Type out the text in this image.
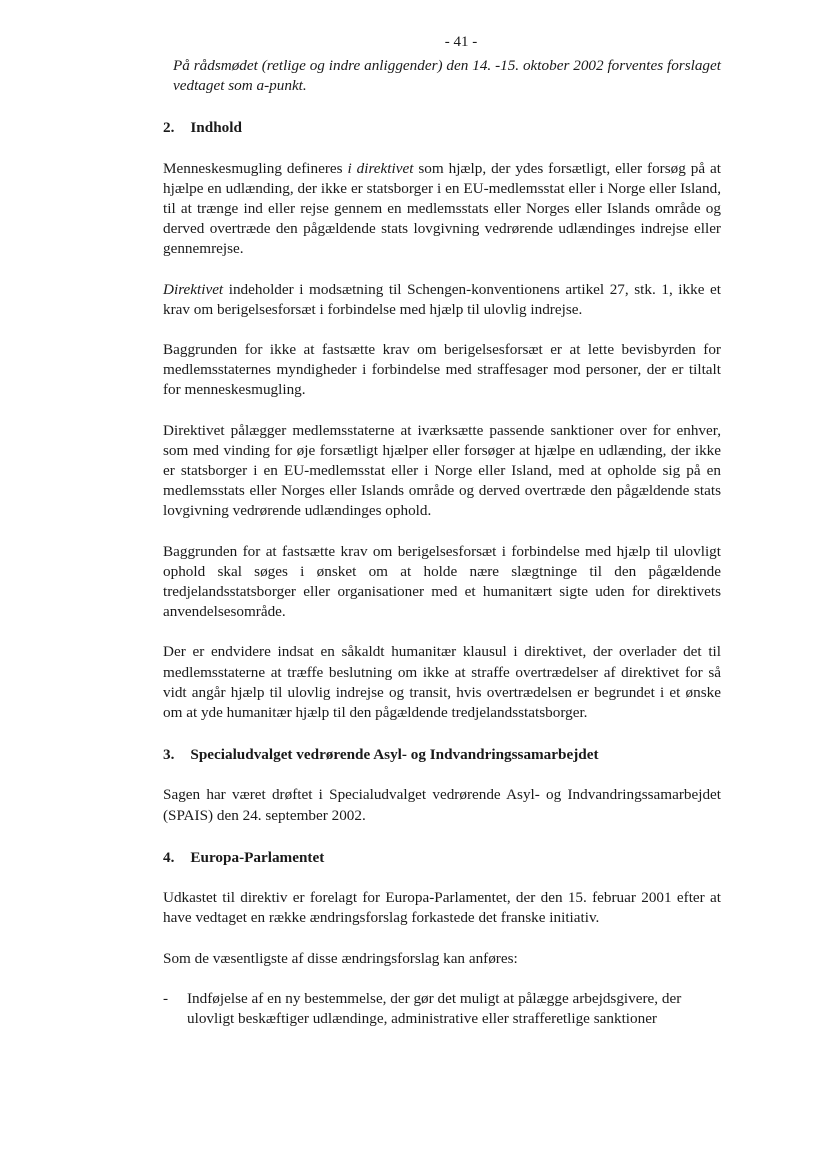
- 41 -

På rådsmødet (retlige og indre anliggender) den 14. -15. oktober 2002 forventes forslaget vedtaget som a-punkt.

2. Indhold

Menneskesmugling defineres i direktivet som hjælp, der ydes forsætligt, eller forsøg på at hjælpe en udlænding, der ikke er statsborger i en EU-medlemsstat eller i Norge eller Island, til at trænge ind eller rejse gennem en medlemsstats eller Norges eller Islands område og derved overtræde den pågældende stats lovgivning vedrørende udlændinges indrejse eller gennemrejse.

Direktivet indeholder i modsætning til Schengen-konventionens artikel 27, stk. 1, ikke et krav om berigelsesforsæt i forbindelse med hjælp til ulovlig indrejse.

Baggrunden for ikke at fastsætte krav om berigelsesforsæt er at lette bevisbyrden for medlemsstaternes myndigheder i forbindelse med straffesager mod personer, der er tiltalt for menneskesmugling.

Direktivet pålægger medlemsstaterne at iværksætte passende sanktioner over for enhver, som med vinding for øje forsætligt hjælper eller forsøger at hjælpe en udlænding, der ikke er statsborger i en EU-medlemsstat eller i Norge eller Island, med at opholde sig på en medlemsstats eller Norges eller Islands område og derved overtræde den pågældende stats lovgivning vedrørende udlændinges ophold.

Baggrunden for at fastsætte krav om berigelsesforsæt i forbindelse med hjælp til ulovligt ophold skal søges i ønsket om at holde nære slægtninge til den pågældende tredjelandsstatsborger eller organisationer med et humanitært sigte uden for direktivets anvendelsesområde.

Der er endvidere indsat en såkaldt humanitær klausul i direktivet, der overlader det til medlemsstaterne at træffe beslutning om ikke at straffe overtrædelser af direktivet for så vidt angår hjælp til ulovlig indrejse og transit, hvis overtrædelsen er begrundet i et ønske om at yde humanitær hjælp til den pågældende tredjelandsstatsborger.

3. Specialudvalget vedrørende Asyl- og Indvandringssamarbejdet

Sagen har været drøftet i Specialudvalget vedrørende Asyl- og Indvandringssamarbejdet (SPAIS) den 24. september 2002.

4. Europa-Parlamentet

Udkastet til direktiv er forelagt for Europa-Parlamentet, der den 15. februar 2001 efter at have vedtaget en række ændringsforslag forkastede det franske initiativ.

Som de væsentligste af disse ændringsforslag kan anføres:

-	Indføjelse af en ny bestemmelse, der gør det muligt at pålægge arbejdsgivere, der ulovligt beskæftiger udlændinge, administrative eller strafferetlige sanktioner
